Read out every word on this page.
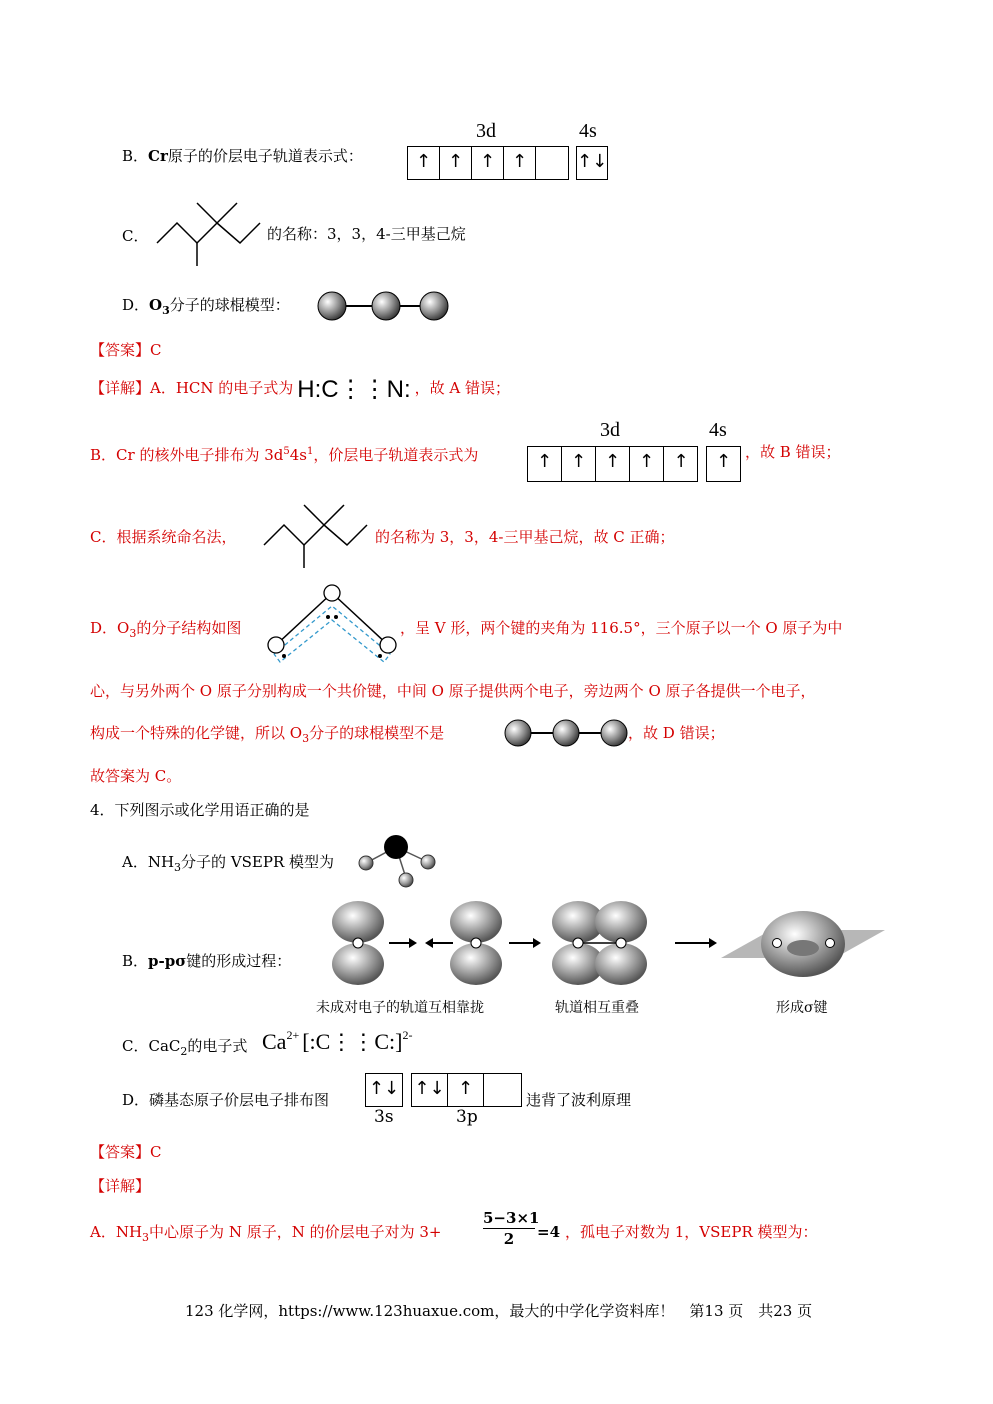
B．Cr原子的价层电子轨道表示式：
3d	4s
↑ ↑ ↑ ↑	↑↓
C．	的名称：3，3，4-三甲基己烷
D．$O_3$分子的球棍模型：
【答案】C
【详解】A．HCN 的电子式为 H:C⋮⋮N: ，故 A 错误；
B．Cr 的核外电子排布为 $3d^54s^1$，价层电子轨道表示式为
3d	4s
↑	↑	↑	↑	↑	↑ ，故 B 错误；
C．根据系统命名法，	的名称为 3，3，4-三甲基己烷，故 C 正确；
D．$O_3$的分子结构如图	，呈 V 形，两个键的夹角为 116.5°，三个原子以一个 O 原子为中
心，与另外两个 O 原子分别构成一个共价键，中间 O 原子提供两个电子，旁边两个 O 原子各提供一个电子，
构成一个特殊的化学键，所以 $O_3$分子的球棍模型不是	，故 D 错误；
故答案为 C。
4．下列图示或化学用语正确的是
A．$NH_3$分子的 VSEPR 模型为
B．p-pσ键的形成过程：
未成对电子的轨道互相靠拢	轨道相互重叠	形成σ键
C．CaC$_2$的电子式 $Ca^{2+}$ [:C⋮⋮C:]$^{2-}$
D．磷基态原子价层电子排布图
↑↓ ↑↓ ↑
3s	3p
违背了波利原理
【答案】C
【详解】
A．$NH_3$中心原子为 N 原子，N 的价层电子对为 3+
5−3×1
2	=4 ，孤电子对数为 1，VSEPR 模型为：
123 化学网，https://www.123huaxue.com，最大的中学化学资料库！　第13 页　共23 页
